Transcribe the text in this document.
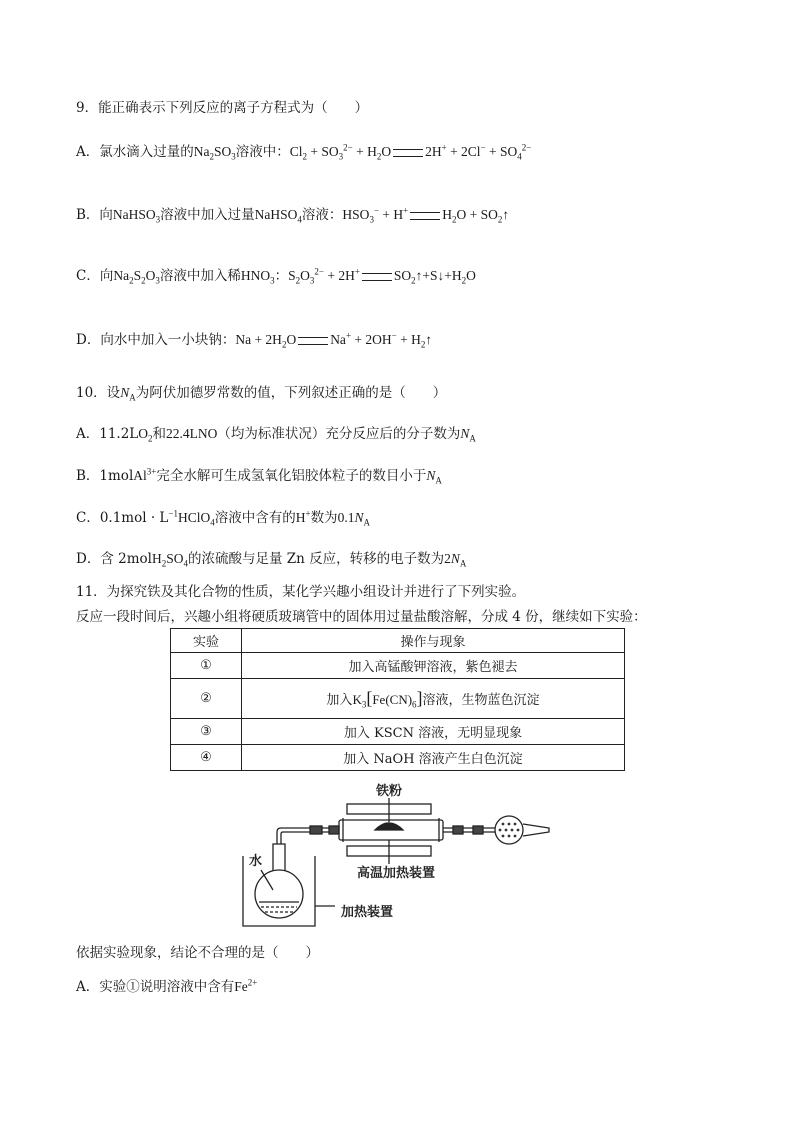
9．能正确表示下列反应的离子方程式为（　　）
A．氯水滴入过量的$Na_2SO_3$溶液中：$Cl_2 + SO_3^{2-} + H_2O$	$2H^+ + 2Cl^- + SO_4^{2-}$
B．向NaHSO$_3$溶液中加入过量NaHSO$_4$溶液：$HSO_3^- + H^+$	$H_2O$ + $SO_2↑$
C．向$Na_2S_2O_3$溶液中加入稀$HNO_3$：$S_2O_3^{2-} + 2H^+$	$SO_2↑+S↓+H_2O$
D．向水中加入一小块钠：$Na + 2H_2O$	$Na^+ + 2OH^- + H_2↑$
10．设$N_A$为阿伏加德罗常数的值，下列叙述正确的是（　　）
A．$11.2LO_2$和22.4LNO（均为标准状况）充分反应后的分子数为$N_A$
B．1molAl$^{3+}$完全水解可生成氢氧化铝胶体粒子的数目小于$N_A$
C．$0.1mol \cdot L^{-1}HClO_4$溶液中含有的H+数为$0.1N_A$
D．含 $2molH_2SO_4$的浓硫酸与足量 Zn 反应，转移的电子数为$2N_A$
11．为探究铁及其化合物的性质，某化学兴趣小组设计并进行了下列实验。
反应一段时间后，兴趣小组将硬质玻璃管中的固体用过量盐酸溶解，分成 4 份，继续如下实验：
实验	操作与现象
①	加入高锰酸钾溶液，紫色褪去
②	加入$K_3[Fe(CN)_6]$溶液，生物蓝色沉淀
③	加入 KSCN 溶液，无明显现象
④	加入 NaOH 溶液产生白色沉淀
铁粉
水
高温加热装置
加热装置
依据实验现象，结论不合理的是（　　）
A．实验①说明溶液中含有$Fe^{2+}$
